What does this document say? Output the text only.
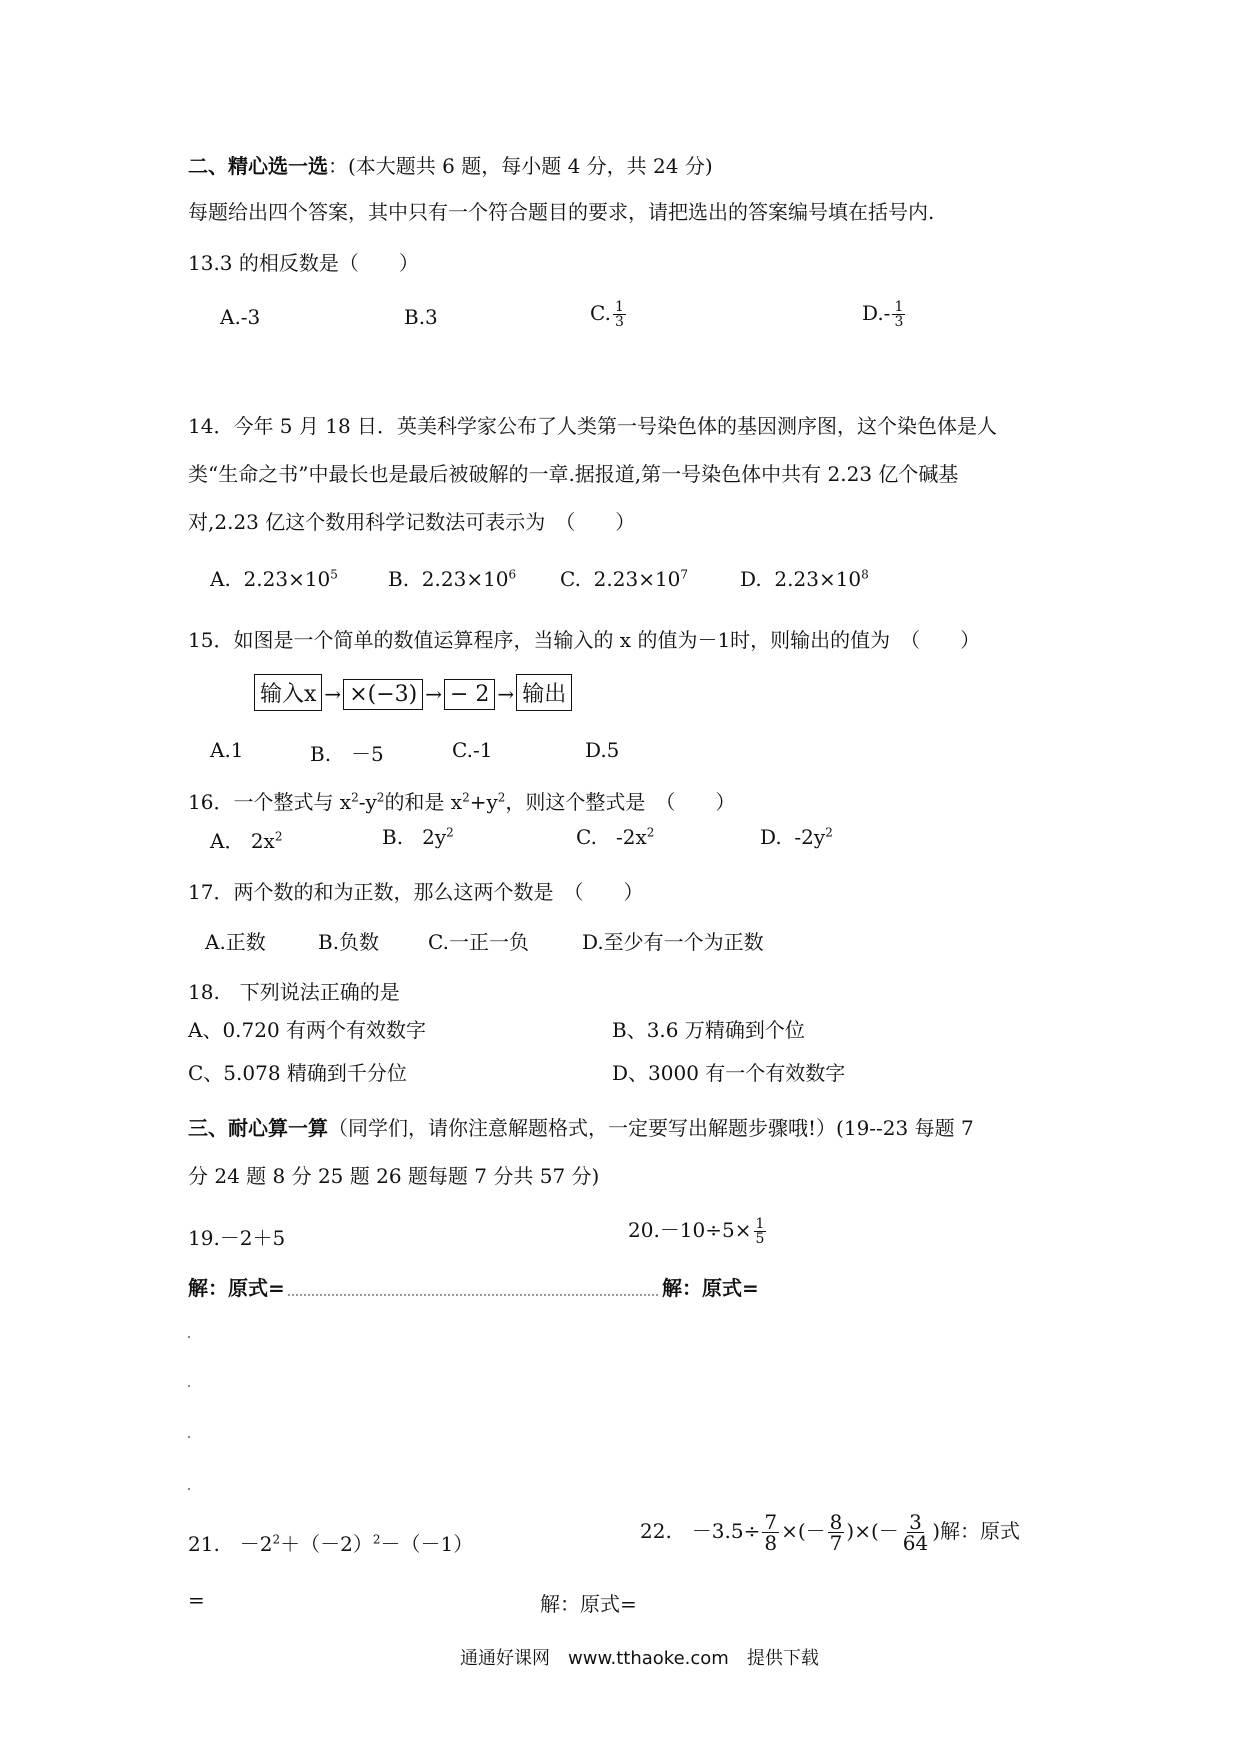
二、精心选一选：(本大题共 6 题，每小题 4 分，共 24 分)
每题给出四个答案，其中只有一个符合题目的要求，请把选出的答案编号填在括号内.
13.3 的相反数是（　　）
A.-3	B.3	C. $\frac{1}{3}$	$D.- \frac{1}{3}$
14．今年 5 月 18 日．英美科学家公布了人类第一号染色体的基因测序图，这个染色体是人
类“生命之书”中最长也是最后被破解的一章.据报道,第一号染色体中共有 2.23 亿个碱基
对,2.23 亿这个数用科学记数法可表示为　（　　）
A. $2.23\times 10^5$	B. $2.23\times 10^6$ C. $2.23\times 10^7$	D. $2.23\times 10^8$
15．如图是一个简单的数值运算程序，当输入的 x 的值为－1时，则输出的值为　（　　）
输入x → ×(−3) → − 2 → 输出
A.1	B.　－5	C.-1	D.5
16．一个整式与 $x^2-y^2$的和是 $x^2+y^2$，则这个整式是　（　　）
A． $2x^2$	B. $2y^2$	C. $-2x^2$	D. $-2y^2$
17．两个数的和为正数，那么这两个数是　（　　）
A.正数	B.负数 C.一正一负	D.至少有一个为正数
18.　下列说法正确的是
A、0.720 有两个有效数字	B、3.6 万精确到个位
C、5.078 精确到千分位	D、3000 有一个有效数字
三、耐心算一算（同学们，请你注意解题格式，一定要写出解题步骤哦!）(19--23 每题 7
分 24 题 8 分 25 题 26 题每题 7 分共 57 分)
19.－2＋5	$20.-10\div 5\times \frac{1}{5}$
解：原式=	解：原式=
21.　$-2^2+(-2)^2-(-1)$
22.　$-3.5\div \frac{7}{8}$ ×(－ $\frac{8}{7}$ )×(－ $\frac{3}{64}$ )解：原式
=	解：原式=
通通好课网　www.tthaoke.com　提供下载
